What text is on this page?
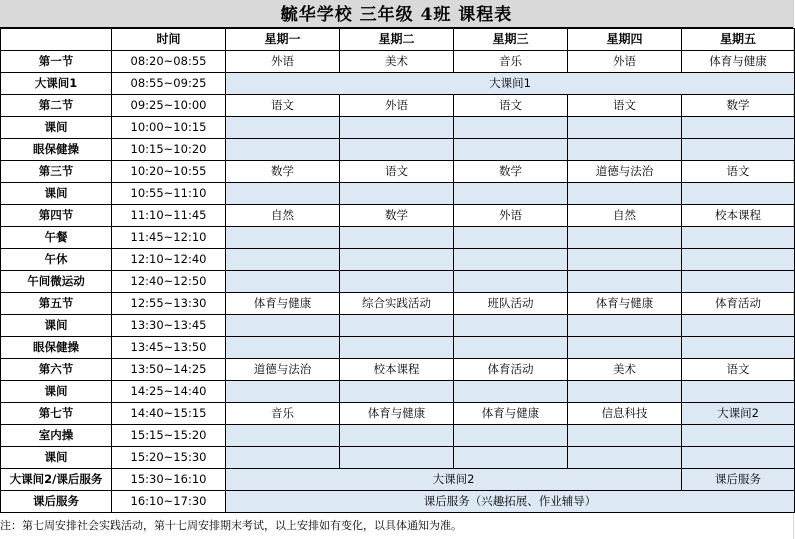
毓华学校 三年级 4班 课程表
	时间	星期一	星期二	星期三	星期四	星期五
第一节	08:20~08:55	外语	美术	音乐	外语	体育与健康
大课间1	08:55~09:25	大课间1				
第二节	09:25~10:00	语文	外语	语文	语文	数学
课间	10:00~10:15					
眼保健操	10:15~10:20					
第三节	10:20~10:55	数学	语文	数学	道德与法治	语文
课间	10:55~11:10					
第四节	11:10~11:45	自然	数学	外语	自然	校本课程
午餐	11:45~12:10					
午休	12:10~12:40					
午间微运动	12:40~12:50					
第五节	12:55~13:30	体育与健康	综合实践活动	班队活动	体育与健康	体育活动
课间	13:30~13:45					
眼保健操	13:45~13:50					
第六节	13:50~14:25	道德与法治	校本课程	体育活动	美术	语文
课间	14:25~14:40					
第七节	14:40~15:15	音乐	体育与健康	体育与健康	信息科技	大课间2
室内操	15:15~15:20					
课间	15:20~15:30					
大课间2/课后服务	15:30~16:10	大课间2				课后服务
课后服务	16:10~17:30	课后服务（兴趣拓展、作业辅导）				
注：第七周安排社会实践活动，第十七周安排期末考试，以上安排如有变化，以具体通知为准。
